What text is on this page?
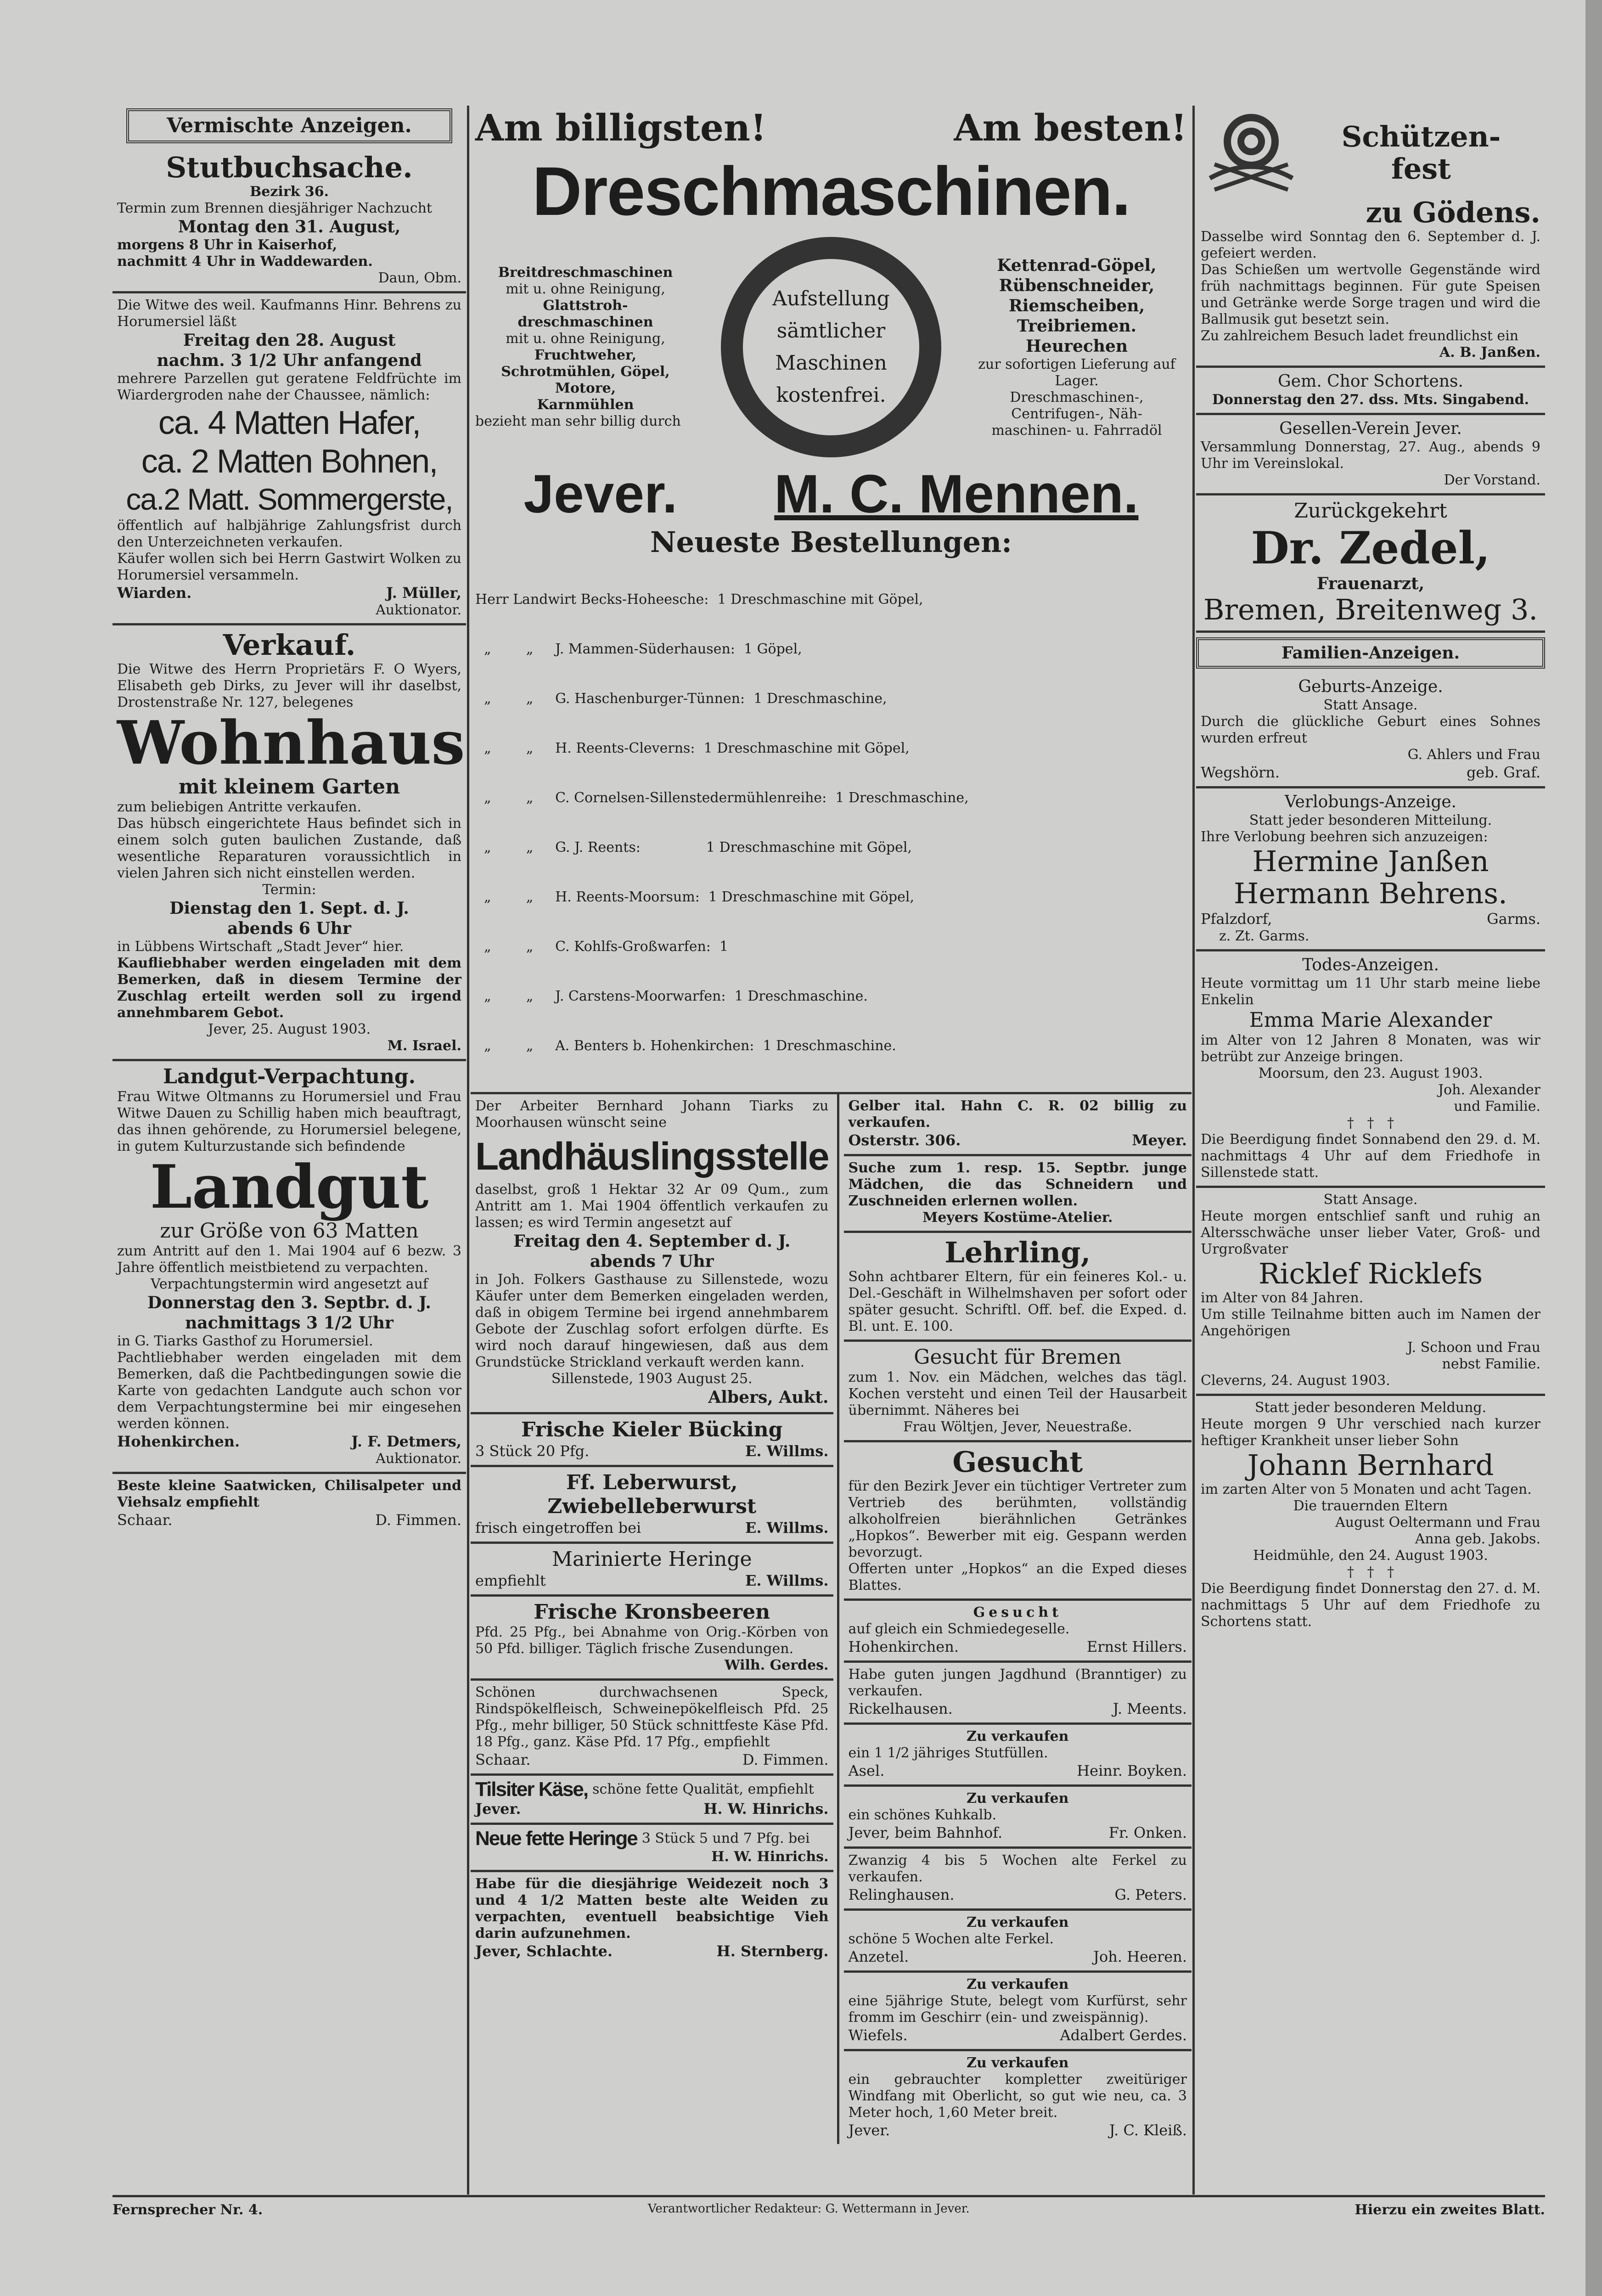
Vermischte Anzeigen.
Stutbuchsache.

Bezirk 36.

Termin zum Brennen diesjähriger Nachzucht

Montag den 31. August,

morgens 8 Uhr in Kaiserhof,

nachmitt 4 Uhr in Waddewarden.

Daun, Obm.

Die Witwe des weil. Kaufmanns Hinr. Behrens zu Horumersiel läßt

Freitag den 28. August
nachm. 3 1/2 Uhr anfangend

mehrere Parzellen gut geratene Feldfrüchte im Wiardergroden nahe der Chaussee, nämlich:

ca. 4 Matten Hafer,
ca. 2 Matten Bohnen,
ca.2 Matt. Sommergerste,

öffentlich auf halbjährige Zahlungsfrist durch den Unterzeichneten verkaufen.

Käufer wollen sich bei Herrn Gastwirt Wolken zu Horumersiel versammeln.

Wiarden.	J. Müller,

Auktionator.

Verkauf.

Die Witwe des Herrn Proprietärs F. O Wyers, Elisabeth geb Dirks, zu Jever will ihr daselbst, Drostenstraße Nr. 127, belegenes

Wohnhaus
mit kleinem Garten

zum beliebigen Antritte verkaufen.

Das hübsch eingerichtete Haus befindet sich in einem solch guten baulichen Zustande, daß wesentliche Reparaturen voraussichtlich in vielen Jahren sich nicht einstellen werden.

Termin:

Dienstag den 1. Sept. d. J.
abends 6 Uhr

in Lübbens Wirtschaft „Stadt Jever“ hier.

Kaufliebhaber werden eingeladen mit dem Bemerken, daß in diesem Termine der Zuschlag erteilt werden soll zu irgend annehmbarem Gebot.

Jever, 25. August 1903.

M. Israel.

Landgut-Verpachtung.

Frau Witwe Oltmanns zu Horumersiel und Frau Witwe Dauen zu Schillig haben mich beauftragt, das ihnen gehörende, zu Horumersiel belegene, in gutem Kulturzustande sich befindende

Landgut
zur Größe von 63 Matten

zum Antritt auf den 1. Mai 1904 auf 6 bezw. 3 Jahre öffentlich meistbietend zu verpachten.

Verpachtungstermin wird angesetzt auf

Donnerstag den 3. Septbr. d. J.
nachmittags 3 1/2 Uhr

in G. Tiarks Gasthof zu Horumersiel.

Pachtliebhaber werden eingeladen mit dem Bemerken, daß die Pachtbedingungen sowie die Karte von gedachten Landgute auch schon vor dem Verpachtungstermine bei mir eingesehen werden können.

Hohenkirchen.	J. F. Detmers,

Auktionator.

Beste kleine Saatwicken, Chilisalpeter und Viehsalz empfiehlt

Schaar.	D. Fimmen.
Am billigsten!	Am besten!
Dreschmaschinen.
Breitdreschmaschinen
mit u. ohne Reinigung,
Glattstroh-
dreschmaschinen
mit u. ohne Reinigung,
Fruchtweher,
Schrotmühlen, Göpel,
Motore,
Karnmühlen
bezieht man sehr billig durch
Aufstellung sämtlicher Maschinen kostenfrei.
Kettenrad-Göpel,
Rübenschneider,
Riemscheiben,
Treibriemen.
Heurechen
zur sofortigen Lieferung auf Lager.
Dreschmaschinen-,
Centrifugen-, Näh-
maschinen- u. Fahrradöl
Jever. M. C. Mennen.
Neueste Bestellungen:

Herr Landwirt Becks-Hoheesche:  1 Dreschmaschine mit Göpel,

„        „     J. Mammen-Süderhausen:  1 Göpel,

„        „     G. Haschenburger-Tünnen:  1 Dreschmaschine,

„        „     H. Reents-Cleverns:  1 Dreschmaschine mit Göpel,

„        „     C. Cornelsen-Sillenstedermühlenreihe:  1 Dreschmaschine,

„        „     G. J. Reents:               1 Dreschmaschine mit Göpel,

„        „     H. Reents-Moorsum:  1 Dreschmaschine mit Göpel,

„        „     C. Kohlfs-Großwarfen:  1

„        „     J. Carstens-Moorwarfen:  1 Dreschmaschine.

„        „     A. Benters b. Hohenkirchen:  1 Dreschmaschine.

Der Arbeiter Bernhard Johann Tiarks zu Moorhausen wünscht seine

Landhäuslingsstelle

daselbst, groß 1 Hektar 32 Ar 09 Qum., zum Antritt am 1. Mai 1904 öffentlich verkaufen zu lassen; es wird Termin angesetzt auf

Freitag den 4. September d. J.
abends 7 Uhr

in Joh. Folkers Gasthause zu Sillenstede, wozu Käufer unter dem Bemerken eingeladen werden, daß in obigem Termine bei irgend annehmbarem Gebote der Zuschlag sofort erfolgen dürfte. Es wird noch darauf hingewiesen, daß aus dem Grundstücke Strickland verkauft werden kann.

Sillenstede, 1903 August 25.

Albers, Aukt.
Frische Kieler Bücking
3 Stück 20 Pfg.	E. Willms.
Ff. Leberwurst,
Zwiebelleberwurst
frisch eingetroffen bei	E. Willms.
Marinierte Heringe
empfiehlt	E. Willms.
Frische Kronsbeeren

Pfd. 25 Pfg., bei Abnahme von Orig.-Körben von 50 Pfd. billiger. Täglich frische Zusendungen.

Wilh. Gerdes.

Schönen durchwachsenen Speck, Rindspökelfleisch, Schweinepökelfleisch Pfd. 25 Pfg., mehr billiger, 50 Stück schnittfeste Käse Pfd. 18 Pfg., ganz. Käse Pfd. 17 Pfg., empfiehlt

Schaar.	D. Fimmen.
Tilsiter Käse, schöne fette Qualität, empfiehlt
Jever.	H. W. Hinrichs.
Neue fette Heringe 3 Stück 5 und 7 Pfg. bei

H. W. Hinrichs.

Habe für die diesjährige Weidezeit noch 3 und 4 1/2 Matten beste alte Weiden zu verpachten, eventuell beabsichtige Vieh darin aufzunehmen.

Jever, Schlachte.	H. Sternberg.

Gelber ital. Hahn C. R. 02 billig zu verkaufen.

Osterstr. 306.	Meyer.

Suche zum 1. resp. 15. Septbr. junge Mädchen, die das Schneidern und Zuschneiden erlernen wollen.

Meyers Kostüme-Atelier.

Lehrling,

Sohn achtbarer Eltern, für ein feineres Kol.- u. Del.-Geschäft in Wilhelmshaven per sofort oder später gesucht. Schriftl. Off. bef. die Exped. d. Bl. unt. E. 100.

Gesucht für Bremen

zum 1. Nov. ein Mädchen, welches das tägl. Kochen versteht und einen Teil der Hausarbeit übernimmt. Näheres bei

Frau Wöltjen, Jever, Neuestraße.

Gesucht

für den Bezirk Jever ein tüchtiger Vertreter zum Vertrieb des berühmten, vollständig alkoholfreien bierähnlichen Getränkes „Hopkos“. Bewerber mit eig. Gespann werden bevorzugt.

Offerten unter „Hopkos“ an die Exped dieses Blattes.

Gesucht

auf gleich ein Schmiedegeselle.

Hohenkirchen.	Ernst Hillers.

Habe guten jungen Jagdhund (Branntiger) zu verkaufen.

Rickelhausen.	J. Meents.

Zu verkaufen

ein 1 1/2 jähriges Stutfüllen.

Asel.	Heinr. Boyken.

Zu verkaufen

ein schönes Kuhkalb.

Jever, beim Bahnhof.	Fr. Onken.

Zwanzig 4 bis 5 Wochen alte Ferkel zu verkaufen.

Relinghausen.	G. Peters.

Zu verkaufen

schöne 5 Wochen alte Ferkel.

Anzetel.	Joh. Heeren.

Zu verkaufen

eine 5jährige Stute, belegt vom Kurfürst, sehr fromm im Geschirr (ein- und zweispännig).

Wiefels.	Adalbert Gerdes.

Zu verkaufen

ein gebrauchter kompletter zweitüriger Windfang mit Oberlicht, so gut wie neu, ca. 3 Meter hoch, 1,60 Meter breit.

Jever.	J. C. Kleiß.
Schützen-
fest
zu Gödens.

Dasselbe wird Sonntag den 6. September d. J. gefeiert werden.

Das Schießen um wertvolle Gegenstände wird früh nachmittags beginnen. Für gute Speisen und Getränke werde Sorge tragen und wird die Ballmusik gut besetzt sein.

Zu zahlreichem Besuch ladet freundlichst ein

A. B. Janßen.

Gem. Chor Schortens.

Donnerstag den 27. dss. Mts. Singabend.

Gesellen-Verein Jever.

Versammlung Donnerstag, 27. Aug., abends 9 Uhr im Vereinslokal.

Der Vorstand.

Zurückgekehrt
Dr. Zedel,
Frauenarzt,
Bremen, Breitenweg 3.
Familien-Anzeigen.
Geburts-Anzeige.

Statt Ansage.

Durch die glückliche Geburt eines Sohnes wurden erfreut

G. Ahlers und Frau

Wegshörn.	geb. Graf.
Verlobungs-Anzeige.

Statt jeder besonderen Mitteilung.

Ihre Verlobung beehren sich anzuzeigen:

Hermine Janßen
Hermann Behrens.
Pfalzdorf,	Garms.

z. Zt. Garms.

Todes-Anzeigen.

Heute vormittag um 11 Uhr starb meine liebe Enkelin

Emma Marie Alexander

im Alter von 12 Jahren 8 Monaten, was wir betrübt zur Anzeige bringen.

Moorsum, den 23. August 1903.

Joh. Alexander

und Familie.

†   †   †

Die Beerdigung findet Sonnabend den 29. d. M. nachmittags 4 Uhr auf dem Friedhofe in Sillenstede statt.

Statt Ansage.

Heute morgen entschlief sanft und ruhig an Altersschwäche unser lieber Vater, Groß- und Urgroßvater

Ricklef Ricklefs

im Alter von 84 Jahren.

Um stille Teilnahme bitten auch im Namen der Angehörigen

J. Schoon und Frau

nebst Familie.

Cleverns, 24. August 1903.

Statt jeder besonderen Meldung.

Heute morgen 9 Uhr verschied nach kurzer heftiger Krankheit unser lieber Sohn

Johann Bernhard

im zarten Alter von 5 Monaten und acht Tagen.

Die trauernden Eltern

August Oeltermann und Frau

Anna geb. Jakobs.

Heidmühle, den 24. August 1903.

†   †   †

Die Beerdigung findet Donnerstag den 27. d. M. nachmittags 5 Uhr auf dem Friedhofe zu Schortens statt.

Fernsprecher Nr. 4.	Verantwortlicher Redakteur: G. Wettermann in Jever.	Hierzu ein zweites Blatt.
